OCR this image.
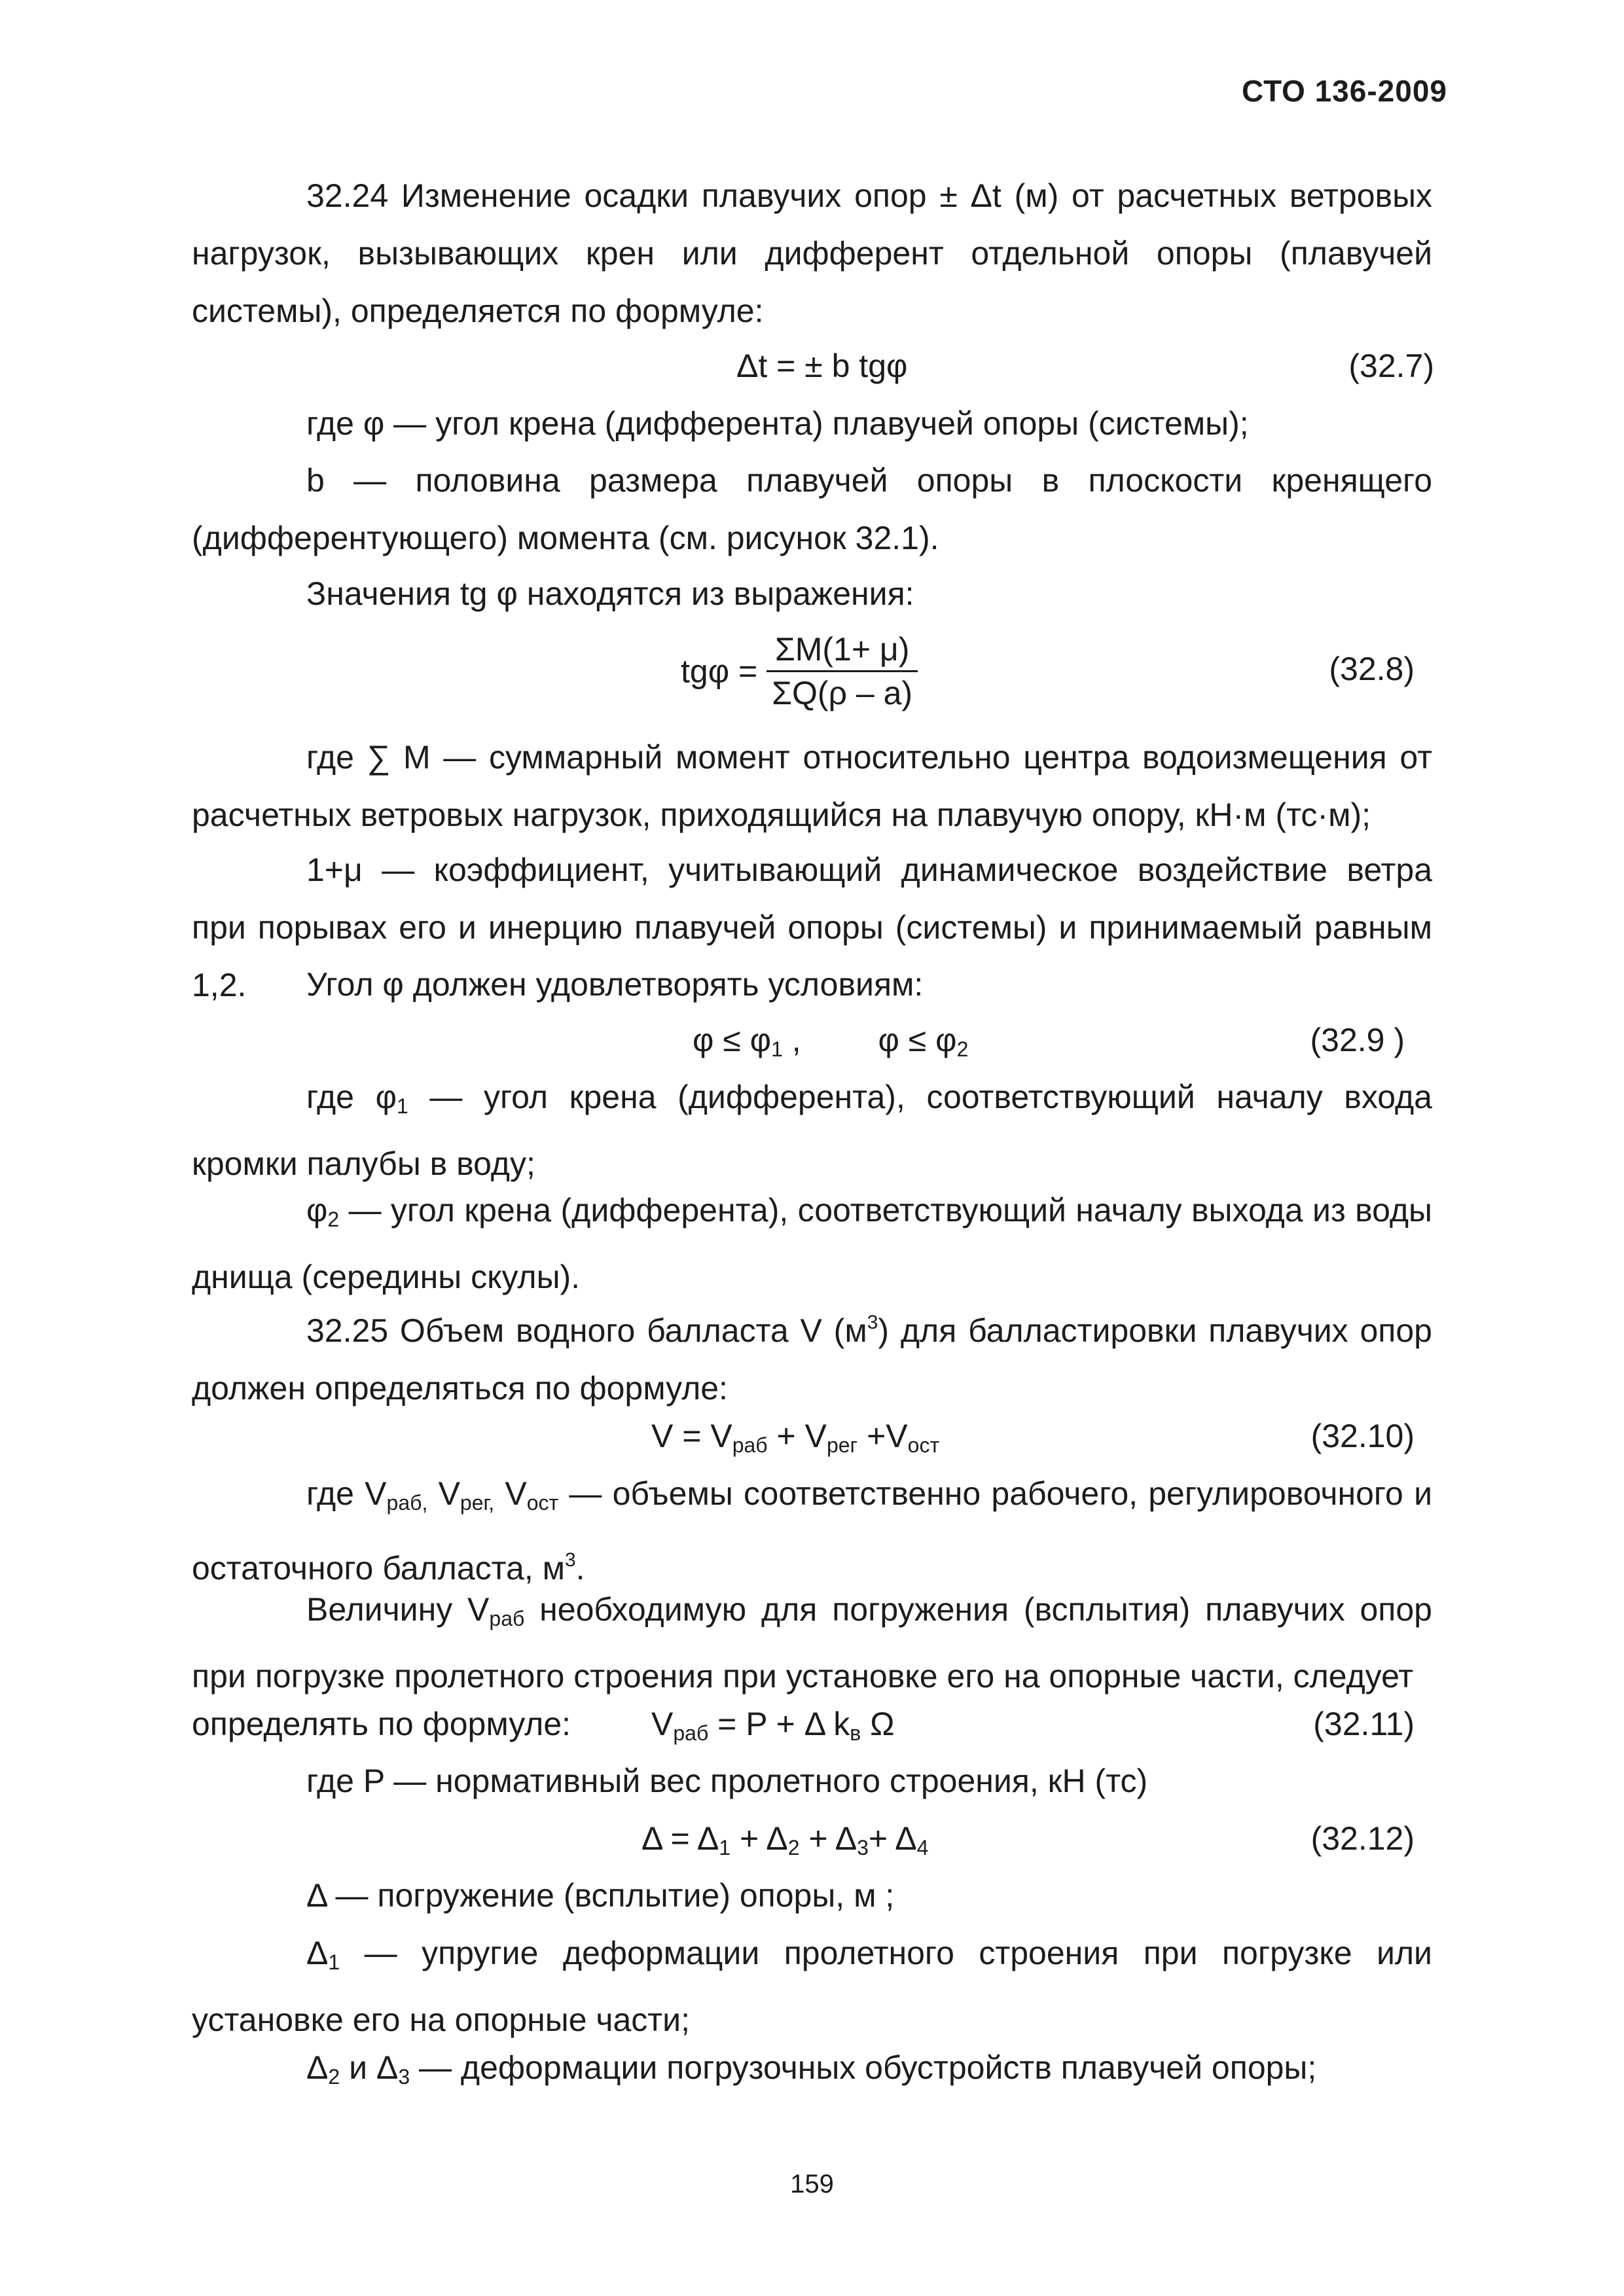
СТО 136-2009
32.24 Изменение осадки плавучих опор ± Δt (м) от расчетных ветровых нагрузок, вызывающих крен или дифферент отдельной опоры (плавучей системы), определяется по формуле:
Δt = ± b tgφ	(32.7)
где φ — угол крена (дифферента) плавучей опоры (системы);
b — половина размера плавучей опоры в плоскости кренящего (дифферентующего) момента (см. рисунок 32.1).
Значения tg φ находятся из выражения:
$tg\varphi = \frac{\Sigma M(1+ \mu)}{\Sigma Q(\rho - a)}$	(32.8)
где ∑ M — суммарный момент относительно центра водоизмещения от расчетных ветровых нагрузок, приходящийся на плавучую опору, кН·м (тс·м);
1+μ — коэффициент, учитывающий динамическое воздействие ветра при порывах его и инерцию плавучей опоры (системы) и принимаемый равным 1,2.	Угол φ должен удовлетворять условиям:
$\varphi \le \varphi_1$ , $\varphi \le \varphi_2$	(32.9 )
где $\varphi_1$ — угол крена (дифферента), соответствующий началу входа кромки палубы в воду;
$\varphi_2$ — угол крена (дифферента), соответствующий началу выхода из воды днища (середины скулы).
32.25 Объем водного балласта V $(м^3)$ для балластировки плавучих опор должен определяться по формуле:
$V = V_{раб} + V_{рег} +V_{ост}$	(32.10)
где $V_{раб,}$ $V_{рег,}$ $V_{ост}$ — объемы соответственно рабочего, регулировочного и остаточного балласта, $м^3$.
Величину $V_{раб}$ необходимую для погружения (всплытия) плавучих опор при погрузке пролетного строения при установке его на опорные части, следует
определять по формуле: $V_{раб} = P + \Delta$ $k_в$ Ω	(32.11)
где P — нормативный вес пролетного строения, кН (тс)
$\Delta = \Delta_1 + \Delta_2 + \Delta_3+ \Delta_4$	(32.12)
Δ — погружение (всплытие) опоры, м ;
$\Delta_1$ — упругие деформации пролетного строения при погрузке или установке его на опорные части;
$\Delta_2$ и $\Delta_3$ — деформации погрузочных обустройств плавучей опоры;
159
